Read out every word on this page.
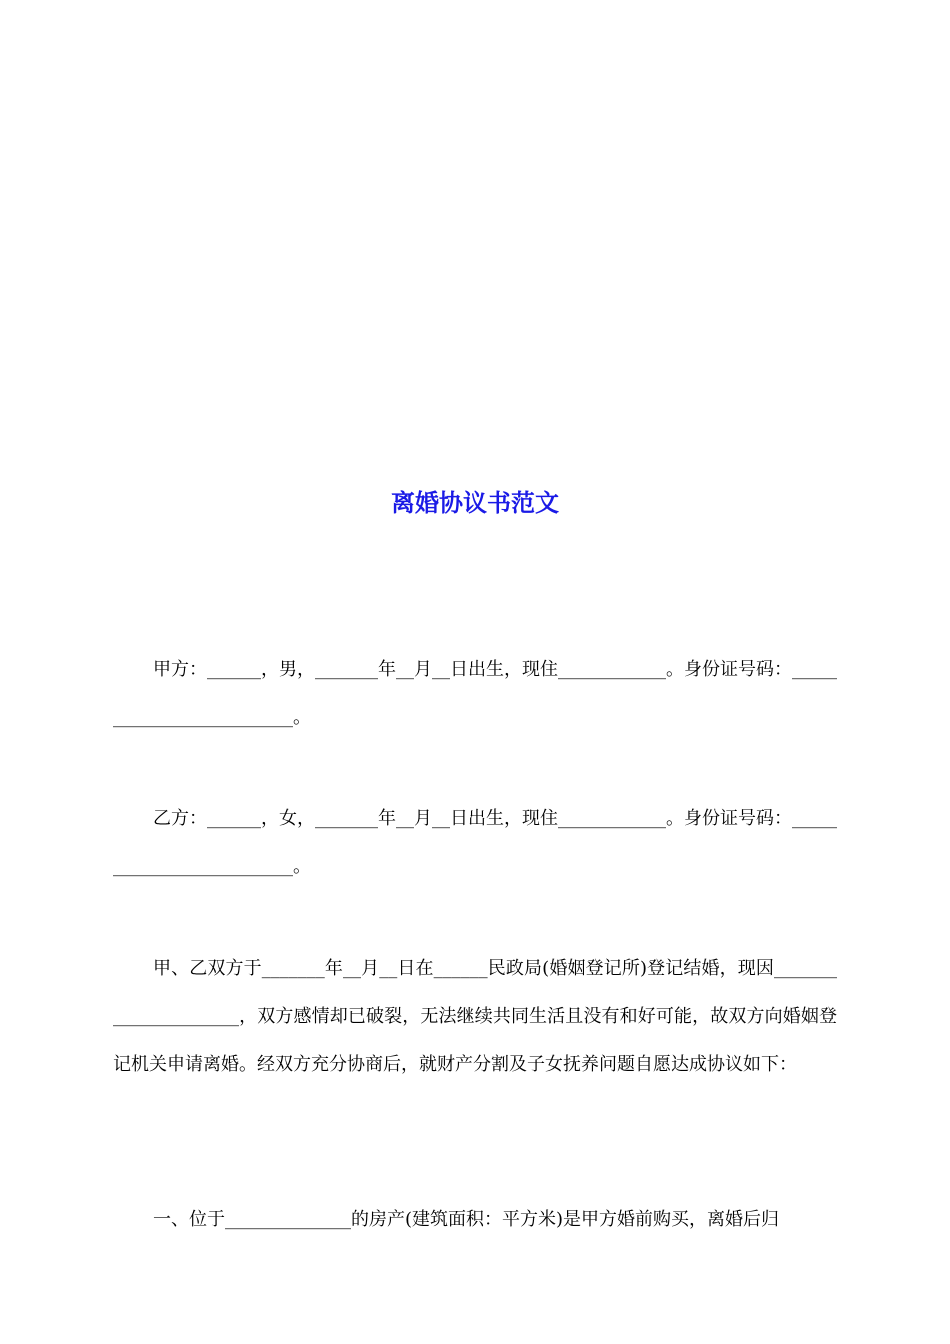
离婚协议书范文

甲方：______，男，_______年__月__日出生，现住____________。身份证号码：_________________________。

乙方：______，女，_______年__月__日出生，现住____________。身份证号码：_________________________。

甲、乙双方于_______年__月__日在______民政局(婚姻登记所)登记结婚，现因_____________________，双方感情却已破裂，无法继续共同生活且没有和好可能，故双方向婚姻登记机关申请离婚。经双方充分协商后，就财产分割及子女抚养问题自愿达成协议如下：

一、位于______________的房产(建筑面积：平方米)是甲方婚前购买，离婚后归
